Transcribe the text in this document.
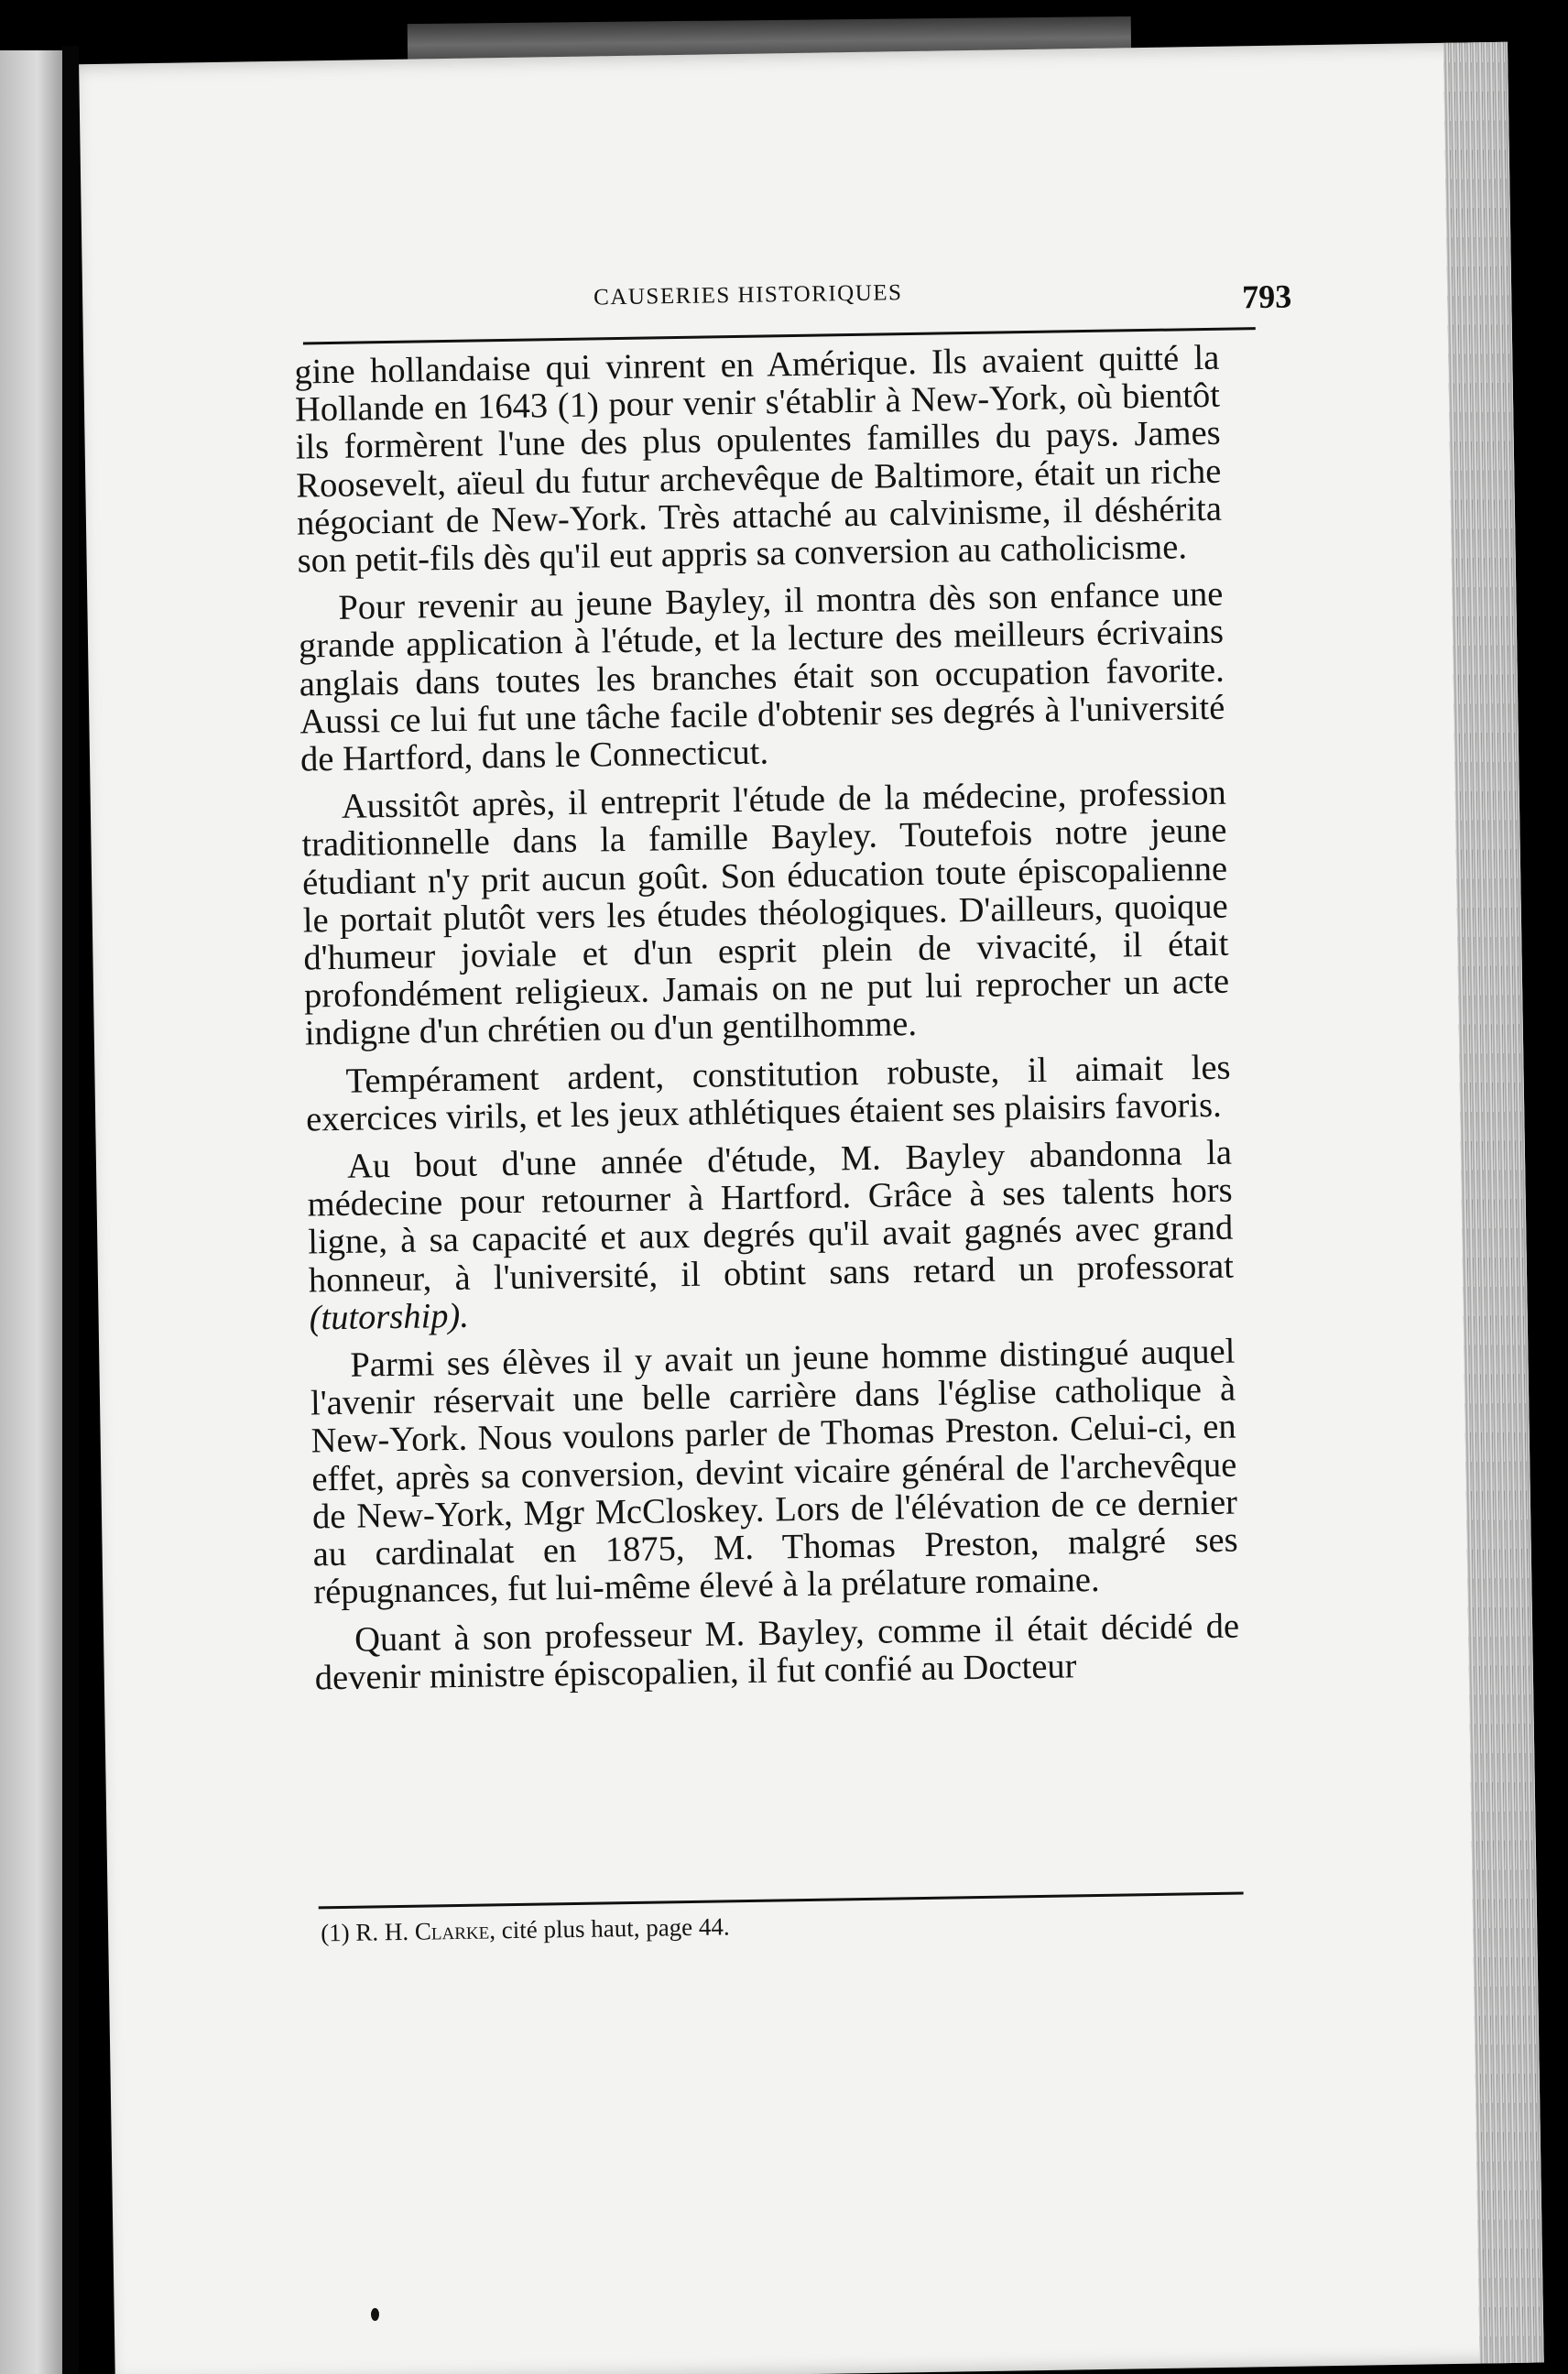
CAUSERIES HISTORIQUES	793

gine hollandaise qui vinrent en Amérique. Ils avaient quitté la Hollande en 1643 (1) pour venir s'établir à New-York, où bientôt ils formèrent l'une des plus opulentes familles du pays. James Roosevelt, aïeul du futur archevêque de Baltimore, était un riche négociant de New-York. Très attaché au calvinisme, il déshérita son petit-fils dès qu'il eut appris sa conversion au catholicisme.

Pour revenir au jeune Bayley, il montra dès son enfance une grande application à l'étude, et la lecture des meilleurs écrivains anglais dans toutes les branches était son occupation favorite. Aussi ce lui fut une tâche facile d'obtenir ses degrés à l'université de Hartford, dans le Connecticut.

Aussitôt après, il entreprit l'étude de la médecine, profession traditionnelle dans la famille Bayley. Toutefois notre jeune étudiant n'y prit aucun goût. Son éducation toute épiscopalienne le portait plutôt vers les études théologiques. D'ailleurs, quoique d'humeur joviale et d'un esprit plein de vivacité, il était profondément religieux. Jamais on ne put lui reprocher un acte indigne d'un chrétien ou d'un gentilhomme.

Tempérament ardent, constitution robuste, il aimait les exercices virils, et les jeux athlétiques étaient ses plaisirs favoris.

Au bout d'une année d'étude, M. Bayley abandonna la médecine pour retourner à Hartford. Grâce à ses talents hors ligne, à sa capacité et aux degrés qu'il avait gagnés avec grand honneur, à l'université, il obtint sans retard un professorat (tutorship).

Parmi ses élèves il y avait un jeune homme distingué auquel l'avenir réservait une belle carrière dans l'église catholique à New-York. Nous voulons parler de Thomas Preston. Celui-ci, en effet, après sa conversion, devint vicaire général de l'archevêque de New-York, Mgr McCloskey. Lors de l'élévation de ce dernier au cardinalat en 1875, M. Thomas Preston, malgré ses répugnances, fut lui-même élevé à la prélature romaine.

Quant à son professeur M. Bayley, comme il était décidé de devenir ministre épiscopalien, il fut confié au Docteur

(1) R. H. Clarke, cité plus haut, page 44.
